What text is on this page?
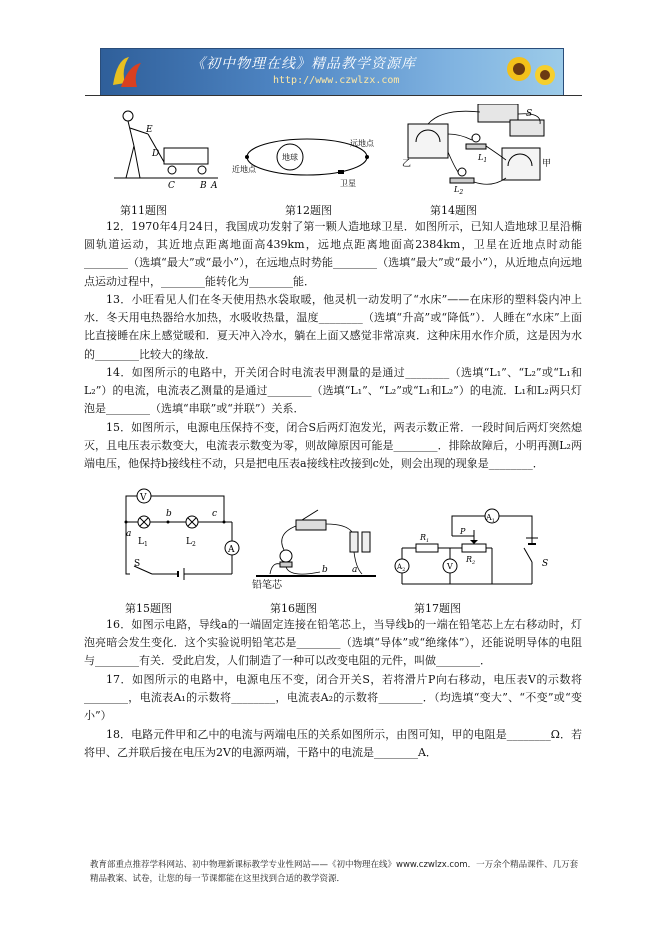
《初中物理在线》精品教学资源库
http://www.czwlzx.com
E
D
C	B A
第11题图
近地点
地球
远地点
卫星
第12题图
S
乙
$L_1$
$L_2$
甲
第14题图

12．1970年4月24日，我国成功发射了第一颗人造地球卫星．如图所示，已知人造地球卫星沿椭圆轨道运动，其近地点距离地面高439km，远地点距离地面高2384km，卫星在近地点时动能________（选填“最大”或“最小”），在远地点时势能________（选填“最大”或“最小”），从近地点向远地点运动过程中，________能转化为________能．

13．小旺看见人们在冬天使用热水袋取暖，他灵机一动发明了“水床”——在床形的塑料袋内冲上水．冬天用电热器给水加热，水吸收热量，温度________（选填“升高”或“降低”）．人睡在“水床”上面比直接睡在床上感觉暖和．夏天冲入冷水，躺在上面又感觉非常凉爽．这种床用水作介质，这是因为水的________比较大的缘故．

14．如图所示的电路中，开关闭合时电流表甲测量的是通过________（选填“L₁”、“L₂”或“L₁和L₂”）的电流，电流表乙测量的是通过________（选填“L₁”、“L₂”或“L₁和L₂”）的电流．L₁和L₂两只灯泡是________（选填“串联”或“并联”）关系．

15．如图所示，电源电压保持不变，闭合S后两灯泡发光，两表示数正常．一段时间后两灯突然熄灭，且电压表示数变大，电流表示数变为零，则故障原因可能是________．排除故障后，小明再测L₂两端电压，他保持b接线柱不动，只是把电压表a接线柱改接到c处，则会出现的现象是________．

V
A
a
b	c
$L_1$	$L_2$
S
第15题图
铅笔芯
b	a
第16题图
$A_1$
$R_1$
P
$R_2$
$A_2$	V	S
第17题图

16．如图示电路，导线a的一端固定连接在铅笔芯上，当导线b的一端在铅笔芯上左右移动时，灯泡亮暗会发生变化．这个实验说明铅笔芯是________（选填“导体”或“绝缘体”），还能说明导体的电阻与________有关．受此启发，人们制造了一种可以改变电阻的元件，叫做________．

17．如图所示的电路中，电源电压不变，闭合开关S，若将滑片P向右移动，电压表V的示数将________，电流表A₁的示数将________，电流表A₂的示数将________．（均选填“变大”、“不变”或“变小”）

18．电路元件甲和乙中的电流与两端电压的关系如图所示，由图可知，甲的电阻是________Ω．若将甲、乙并联后接在电压为2V的电源两端，干路中的电流是________A．

教育部重点推荐学科网站、初中物理新课标教学专业性网站——《初中物理在线》www.czwlzx.com．一万余个精品课件、几万套精品教案、试卷，让您的每一节课都能在这里找到合适的教学资源．
